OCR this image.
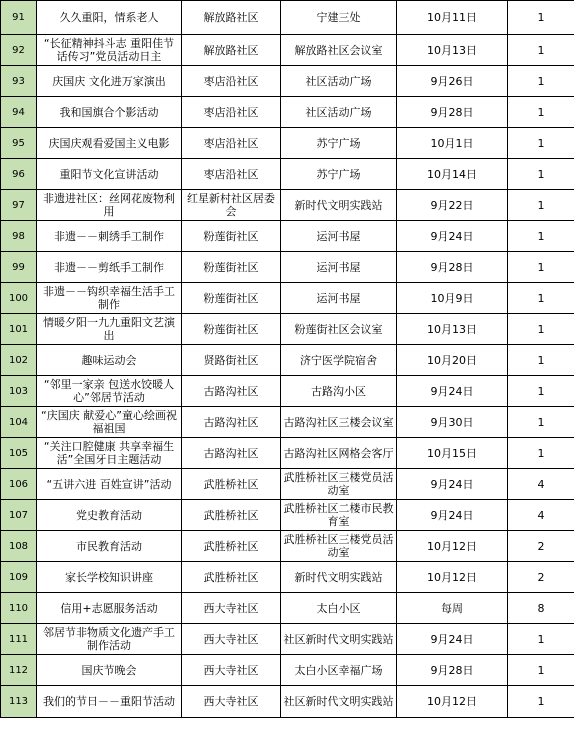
91	久久重阳，情系老人	解放路社区	宁建三处	10月11日	1
92	“长征精神抖斗志 重阳佳节话传习”党员活动日主	解放路社区	解放路社区会议室	10月13日	1
93	庆国庆 文化进万家演出	枣店沿社区	社区活动广场	9月26日	1
94	我和国旗合个影活动	枣店沿社区	社区活动广场	9月28日	1
95	庆国庆观看爱国主义电影	枣店沿社区	苏宁广场	10月1日	1
96	重阳节文化宣讲活动	枣店沿社区	苏宁广场	10月14日	1
97	非遗进社区：丝网花废物利用	红星新村社区居委会	新时代文明实践站	9月22日	1
98	非遗－－刺绣手工制作	粉莲街社区	运河书屋	9月24日	1
99	非遗－－剪纸手工制作	粉莲街社区	运河书屋	9月28日	1
100	非遗－－钩织幸福生活手工制作	粉莲街社区	运河书屋	10月9日	1
101	情暖夕阳一九九重阳文艺演出	粉莲街社区	粉莲街社区会议室	10月13日	1
102	趣味运动会	贤路街社区	济宁医学院宿舍	10月20日	1
103	“邻里一家亲 包送水饺暖人心”邻居节活动	古路沟社区	古路沟小区	9月24日	1
104	“庆国庆 献爱心”童心绘画祝福祖国	古路沟社区	古路沟社区三楼会议室	9月30日	1
105	“关注口腔健康 共享幸福生活”全国牙日主题活动	古路沟社区	古路沟社区网格会客厅	10月15日	1
106	“五讲六进 百姓宣讲”活动	武胜桥社区	武胜桥社区三楼党员活动室	9月24日	4
107	党史教育活动	武胜桥社区	武胜桥社区二楼市民教育室	9月24日	4
108	市民教育活动	武胜桥社区	武胜桥社区三楼党员活动室	10月12日	2
109	家长学校知识讲座	武胜桥社区	新时代文明实践站	10月12日	2
110	信用+志愿服务活动	西大寺社区	太白小区	每周	8
111	邻居节非物质文化遗产手工制作活动	西大寺社区	社区新时代文明实践站	9月24日	1
112	国庆节晚会	西大寺社区	太白小区幸福广场	9月28日	1
113	我们的节日－－重阳节活动	西大寺社区	社区新时代文明实践站	10月12日	1
